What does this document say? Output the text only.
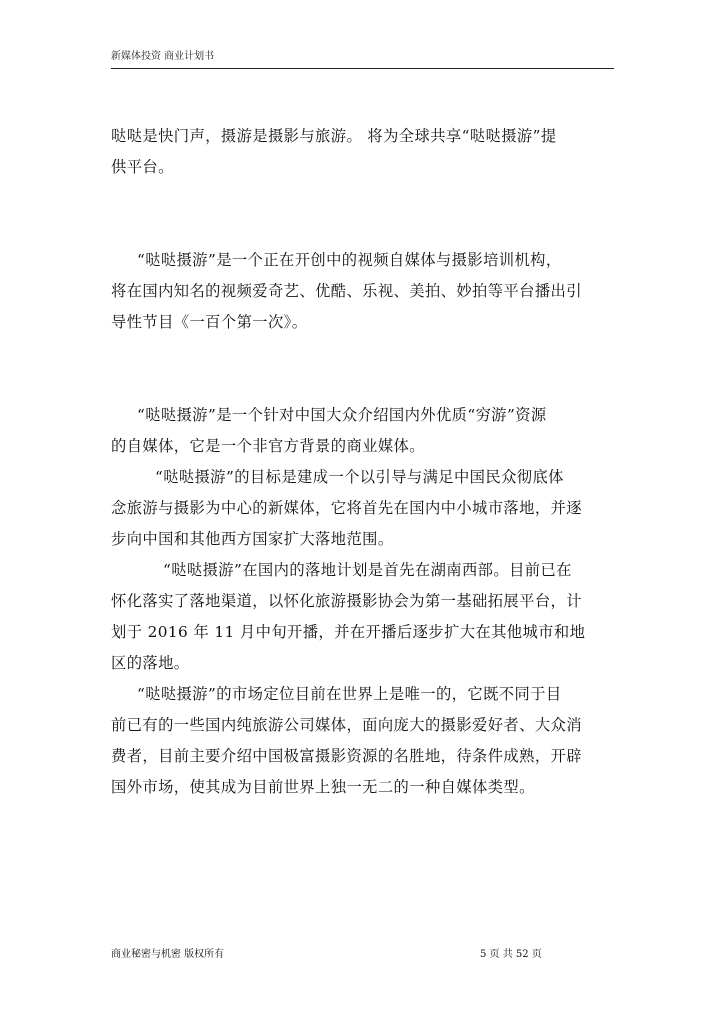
新媒体投资 商业计划书

哒哒是快门声，摄游是摄影与旅游。 将为全球共享“哒哒摄游”提

供平台。

“哒哒摄游”是一个正在开创中的视频自媒体与摄影培训机构，

将在国内知名的视频爱奇艺、优酷、乐视、美拍、妙拍等平台播出引

导性节目《一百个第一次》。

“哒哒摄游”是一个针对中国大众介绍国内外优质“穷游”资源

的自媒体，它是一个非官方背景的商业媒体。

“哒哒摄游”的目标是建成一个以引导与满足中国民众彻底体

念旅游与摄影为中心的新媒体，它将首先在国内中小城市落地，并逐

步向中国和其他西方国家扩大落地范围。

“哒哒摄游”在国内的落地计划是首先在湖南西部。目前已在

怀化落实了落地渠道，以怀化旅游摄影协会为第一基础拓展平台，计

划于 2016 年 11 月中旬开播，并在开播后逐步扩大在其他城市和地

区的落地。

“哒哒摄游”的市场定位目前在世界上是唯一的，它既不同于目

前已有的一些国内纯旅游公司媒体，面向庞大的摄影爱好者、大众消

费者，目前主要介绍中国极富摄影资源的名胜地，待条件成熟，开辟

国外市场，使其成为目前世界上独一无二的一种自媒体类型。

商业秘密与机密 版权所有	5 页 共 52 页
